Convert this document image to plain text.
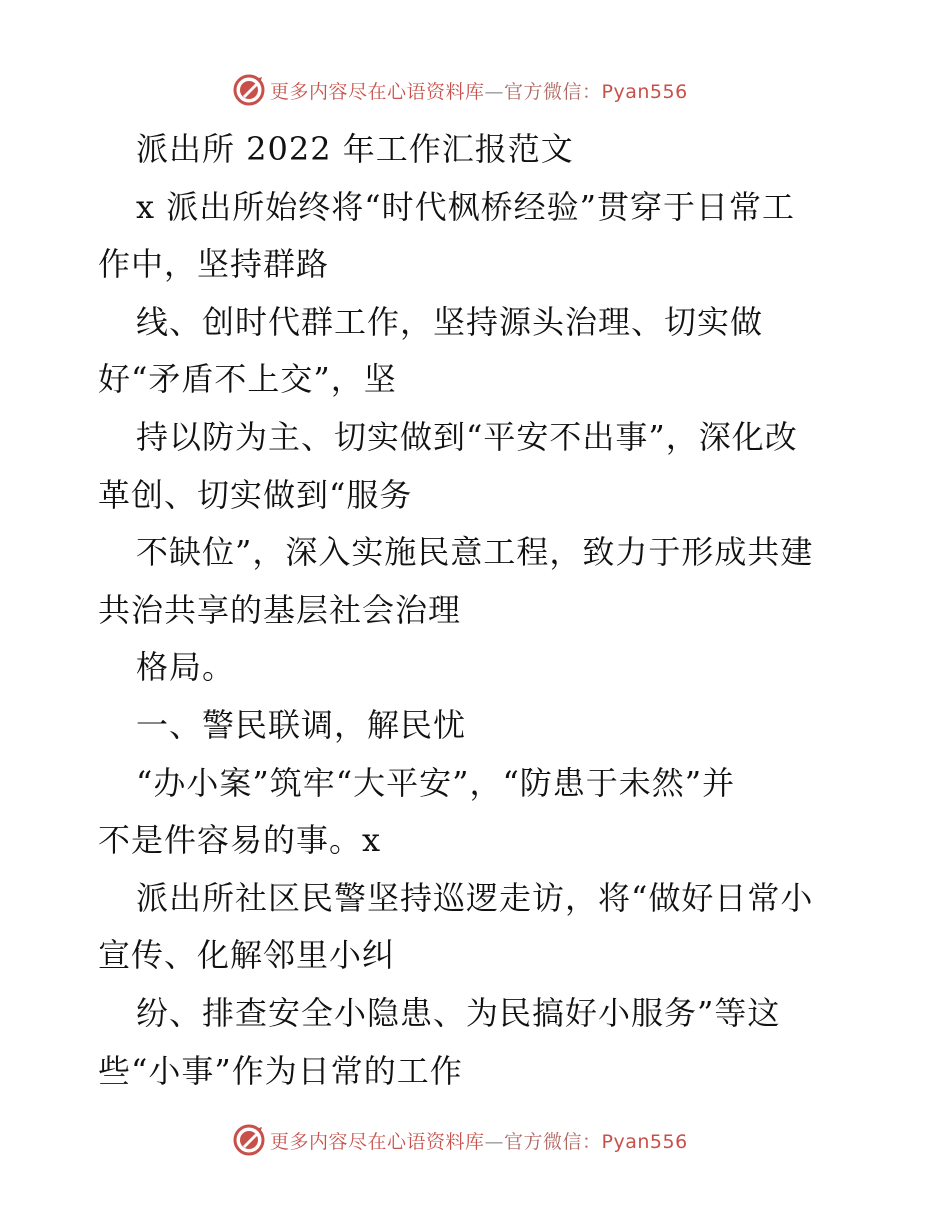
更多内容尽在心语资料库—官方微信：Pyan556
派出所 2022 年工作汇报范文
x 派出所始终将“时代枫桥经验”贯穿于日常工
作中，坚持群路
线、创时代群工作，坚持源头治理、切实做
好“矛盾不上交”，坚
持以防为主、切实做到“平安不出事”，深化改
革创、切实做到“服务
不缺位”，深入实施民意工程，致力于形成共建
共治共享的基层社会治理
格局。
一、警民联调，解民忧
“办小案”筑牢“大平安”，“防患于未然”并
不是件容易的事。x
派出所社区民警坚持巡逻走访，将“做好日常小
宣传、化解邻里小纠
纷、排查安全小隐患、为民搞好小服务”等这
些“小事”作为日常的工作
更多内容尽在心语资料库—官方微信：Pyan556
